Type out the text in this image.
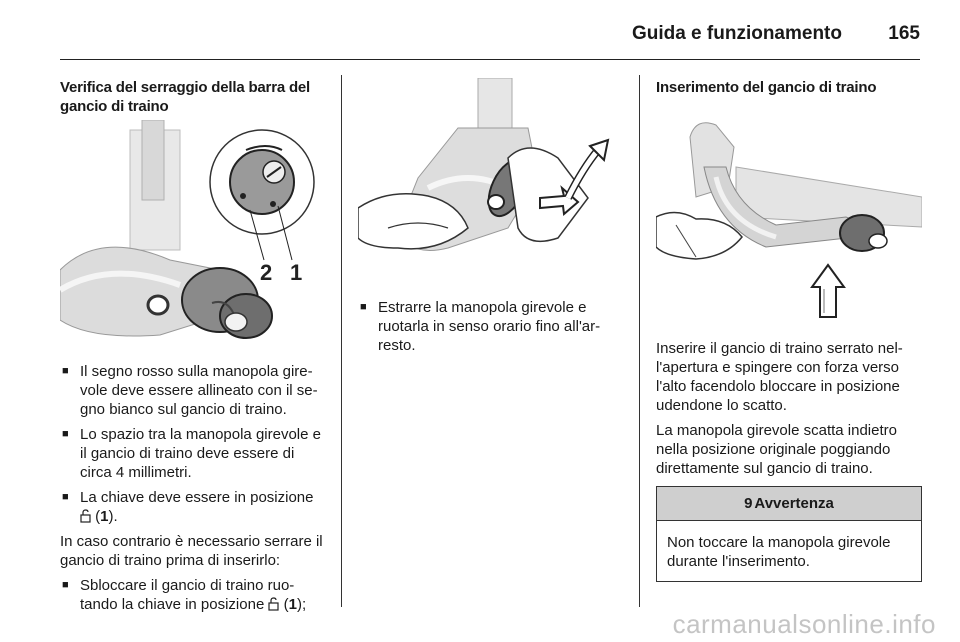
Guida e funzionamento 165
Verifica del serraggio della barra del gancio di traino
2 1
■ Il segno rosso sulla manopola gire-vole deve essere allineato con il se-gno bianco sul gancio di traino.
■ Lo spazio tra la manopola girevole e il gancio di traino deve essere di circa 4 millimetri.
■ La chiave deve essere in posizione  (1).
In caso contrario è necessario serrare il gancio di traino prima di inserirlo:
■ Sbloccare il gancio di traino ruo-tando la chiave in posizione  (1);
■ Estrarre la manopola girevole e ruotarla in senso orario fino all'ar-resto.
Inserimento del gancio di traino
Inserire il gancio di traino serrato nel-l'apertura e spingere con forza verso l'alto facendolo bloccare in posizione udendone lo scatto.
La manopola girevole scatta indietro nella posizione originale poggiando direttamente sul gancio di traino.
9 Avvertenza
Non toccare la manopola girevole durante l'inserimento.
carmanualsonline.info
